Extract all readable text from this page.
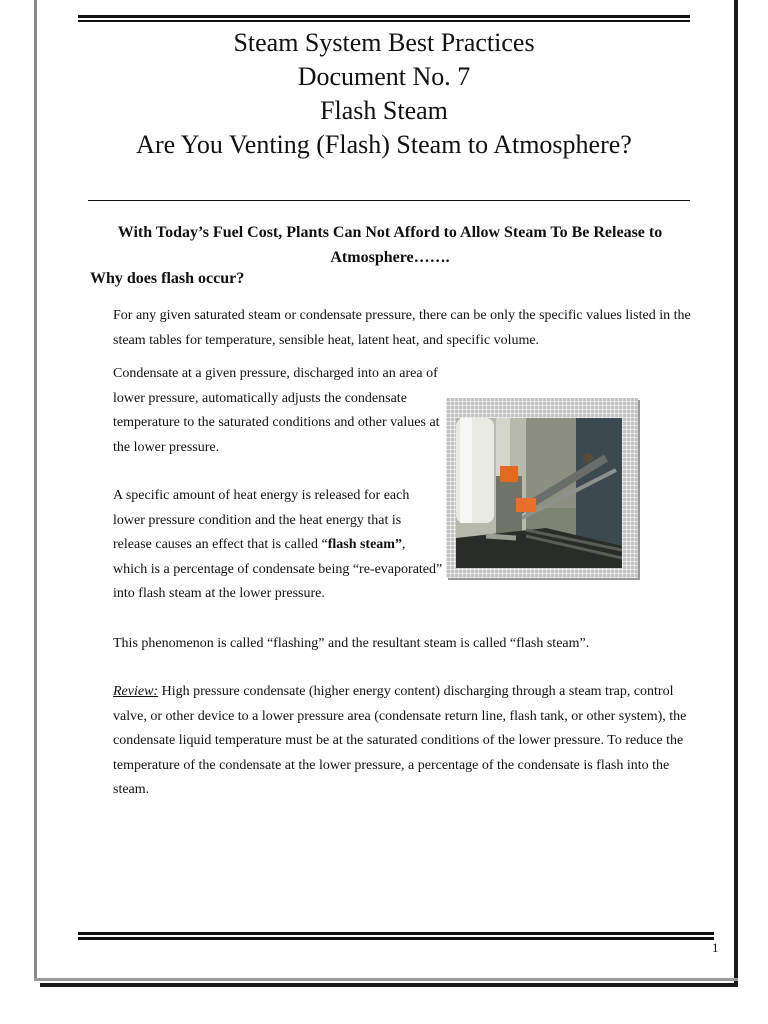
Steam System Best Practices
Document No. 7
Flash Steam
Are You Venting (Flash) Steam to Atmosphere?
With Today’s Fuel Cost, Plants Can Not Afford to Allow Steam To Be Release to
Atmosphere…….
Why does flash occur?
For any given saturated steam or condensate pressure, there can be only the specific values listed in the steam tables for temperature, sensible heat, latent heat, and specific volume.
Condensate at a given pressure, discharged into an area of lower pressure, automatically adjusts the condensate temperature to the saturated conditions and other values at the lower pressure.
A specific amount of heat energy is released for each lower pressure condition and the heat energy that is release causes an effect that is called “flash steam”, which is a percentage of condensate being “re-evaporated” into flash steam at the lower pressure.
This phenomenon is called “flashing” and the resultant steam is called “flash steam”.
Review: High pressure condensate (higher energy content) discharging through a steam trap, control valve, or other device to a lower pressure area (condensate return line, flash tank, or other system), the condensate liquid temperature must be at the saturated conditions of the lower pressure. To reduce the temperature of the condensate at the lower pressure, a percentage of the condensate is flash into the steam.
1
